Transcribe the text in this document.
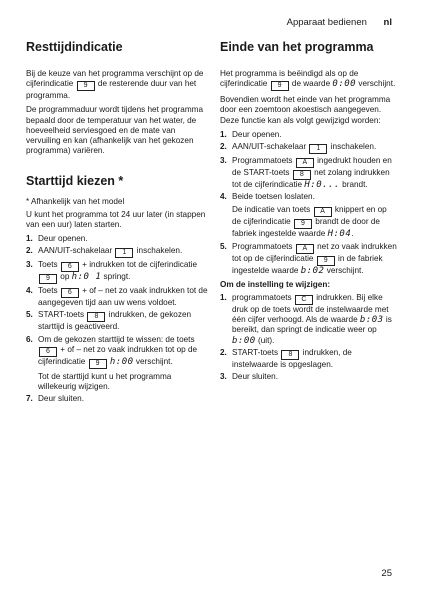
Apparaat bedienen nl
Resttijdindicatie

Bij de keuze van het programma verschijnt op de cijferindicatie 9 de resterende duur van het programma.

De programmaduur wordt tijdens het programma bepaald door de temperatuur van het water, de hoeveelheid serviesgoed en de mate van vervuiling en kan (afhankelijk van het gekozen programma) variëren.

Starttijd kiezen *

* Afhankelijk van het model

U kunt het programma tot 24 uur later (in stappen van een uur) laten starten.

1. Deur openen.
2. AAN/UIT-schakelaar 1 inschakelen.
3. Toets 6 + indrukken tot de cijferindicatie 9 op h:0 1 springt.
4. Toets 6 + of – net zo vaak indrukken tot de aangegeven tijd aan uw wens voldoet.
5. START-toets 8 indrukken, de gekozen starttijd is geactiveerd.
6. Om de gekozen starttijd te wissen: de toets 6 + of – net zo vaak indrukken tot op de cijferindicatie 9 h:00 verschijnt.
Tot de starttijd kunt u het programma willekeurig wijzigen.
7. Deur sluiten.
Einde van het programma

Het programma is beëindigd als op de cijferindicatie 9 de waarde 0:00 verschijnt.

Bovendien wordt het einde van het programma door een zoemtoon akoestisch aangegeven. Deze functie kan als volgt gewijzigd worden:

1. Deur openen.
2. AAN/UIT-schakelaar 1 inschakelen.
3. Programmatoets A ingedrukt houden en de START-toets 8 net zolang indrukken tot de cijferindicatie H:0... brandt.
4. Beide toetsen loslaten.
De indicatie van toets A knippert en op de cijferindicatie 9 brandt de door de fabriek ingestelde waarde H:04.
5. Programmatoets A net zo vaak indrukken tot op de cijferindicatie 9 in de fabriek ingestelde waarde b:02 verschijnt.

Om de instelling te wijzigen:

1. programmatoets C indrukken. Bij elke druk op de toets wordt de instelwaarde met één cijfer verhoogd. Als de waarde b:03 is bereikt, dan springt de indicatie weer op b:00 (uit).
2. START-toets 8 indrukken, de instelwaarde is opgeslagen.
3. Deur sluiten.
25
